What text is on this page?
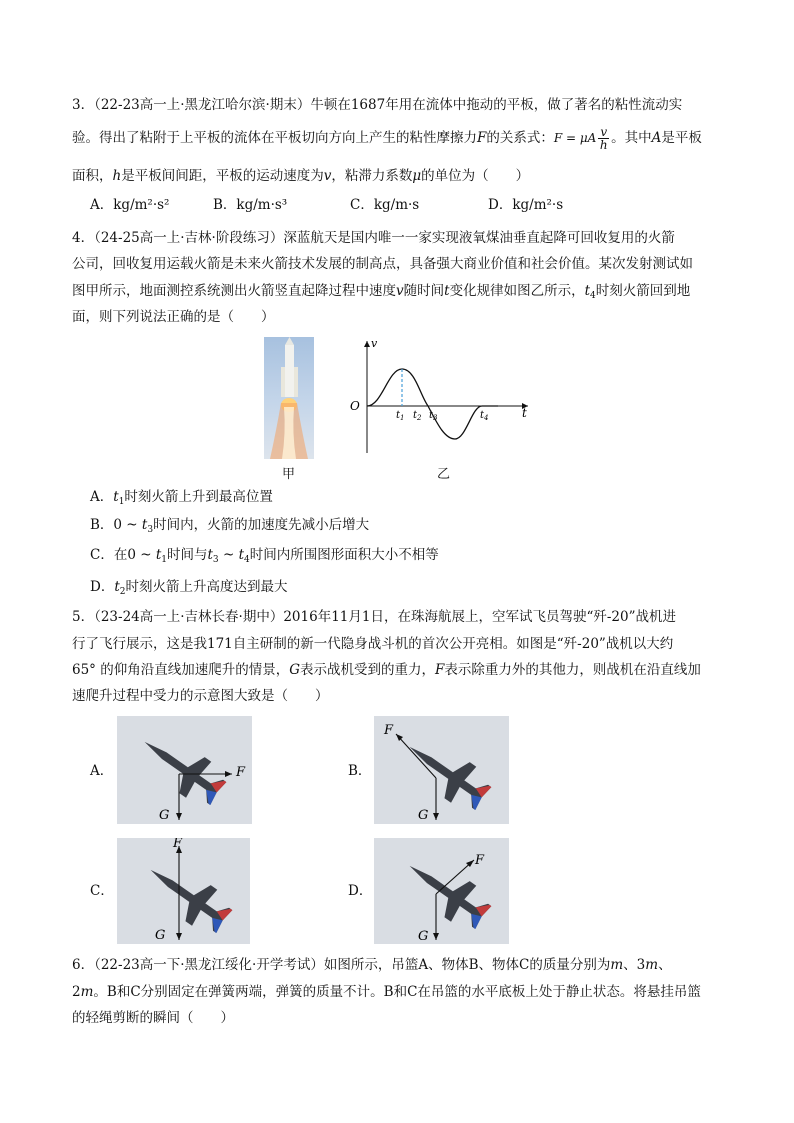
3．（22-23高一上·黑龙江哈尔滨·期末）牛顿在1687年用在流体中拖动的平板，做了著名的粘性流动实
验。得出了粘附于上平板的流体在平板切向方向上产生的粘性摩擦力F的关系式：F = μA $\frac{v}{h}$ 。其中A是平板
面积，h是平板间间距，平板的运动速度为v，粘滞力系数μ的单位为（　　）
A．kg/m²·s²	B．kg/m·s³	C．kg/m·s	D．kg/m²·s
4．（24-25高一上·吉林·阶段练习）深蓝航天是国内唯一一家实现液氧煤油垂直起降可回收复用的火箭
公司，回收复用运载火箭是未来火箭技术发展的制高点，具备强大商业价值和社会价值。某次发射测试如
图甲所示，地面测控系统测出火箭竖直起降过程中速度v随时间t变化规律如图乙所示，$t_4$时刻火箭回到地
面，则下列说法正确的是（　　）
甲
v
t
O
$t_1$ $t_2$ $t_3$	$t_4$
乙
A．$t_1$时刻火箭上升到最高位置
B．0 ~ $t_3$时间内，火箭的加速度先减小后增大
C．在0 ~ $t_1$时间与$t_3$ ~ $t_4$时间内所围图形面积大小不相等
D．$t_2$时刻火箭上升高度达到最大
5．（23-24高一上·吉林长春·期中）2016年11月1日，在珠海航展上，空军试飞员驾驶“歼-20”战机进
行了飞行展示，这是我171自主研制的新一代隐身战斗机的首次公开亮相。如图是“歼-20”战机以大约
65° 的仰角沿直线加速爬升的情景，G表示战机受到的重力，F表示除重力外的其他力，则战机在沿直线加
速爬升过程中受力的示意图大致是（　　）
A．	F
G
B．
F
G
C．
F
G
D．
F
G
6．（22-23高一下·黑龙江绥化·开学考试）如图所示，吊篮A、物体B、物体C的质量分别为m、3m、
2m。B和C分别固定在弹簧两端，弹簧的质量不计。B和C在吊篮的水平底板上处于静止状态。将悬挂吊篮
的轻绳剪断的瞬间（　　）
